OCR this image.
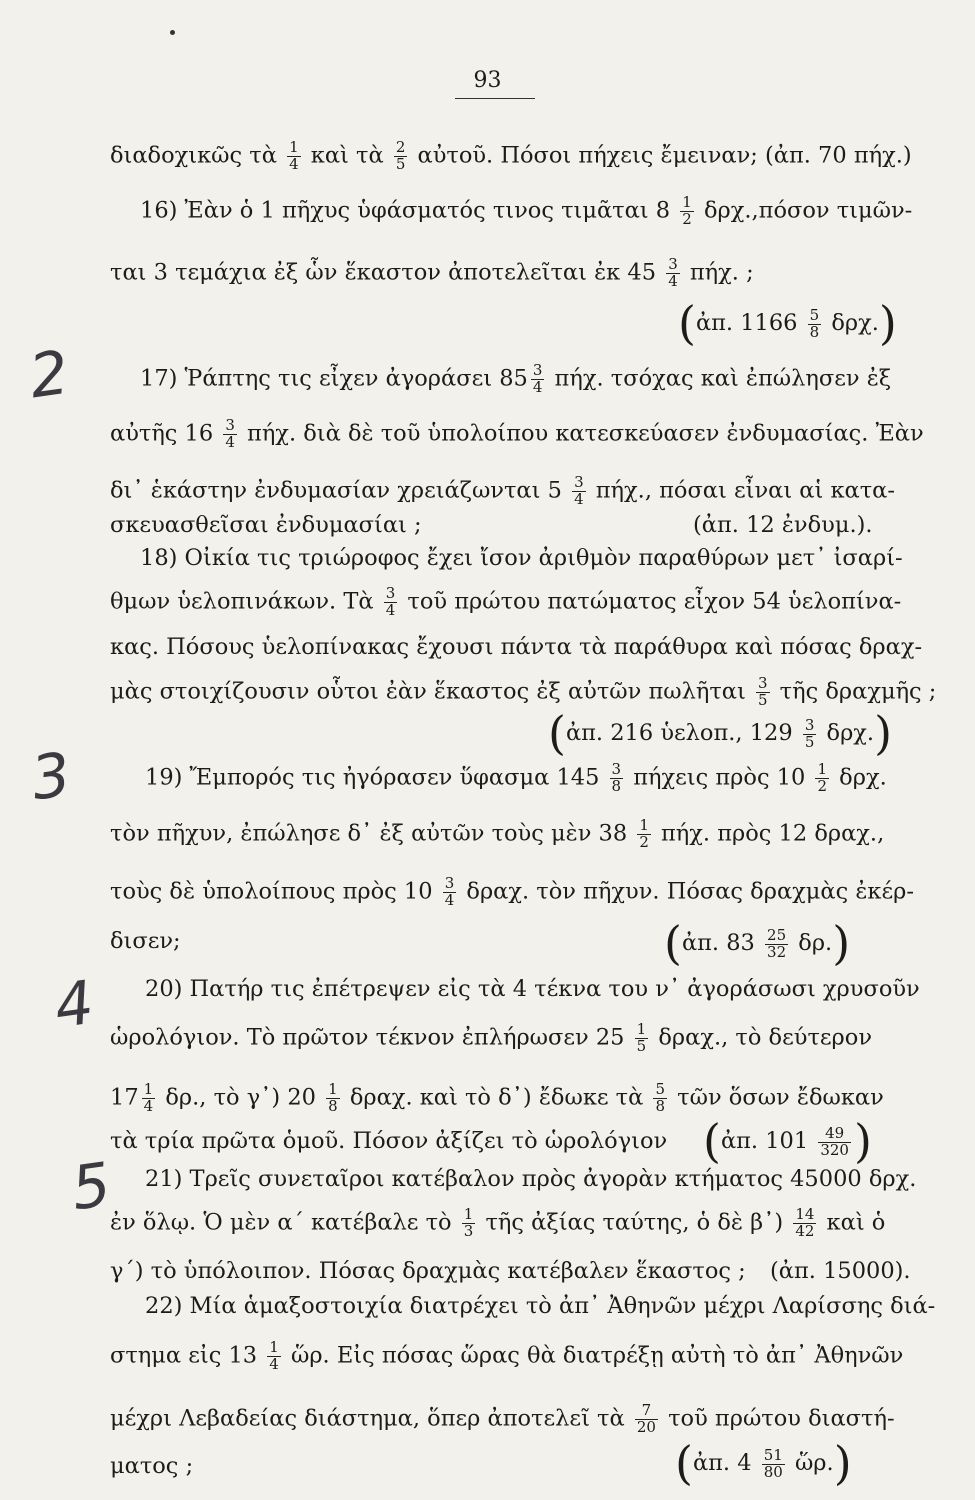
93
2
3
4
5
διαδοχικῶς τὰ $\frac{1}{4}$ καὶ τὰ $\frac{2}{5}$ αὐτοῦ. Πόσοι πήχεις ἔμειναν; (ἀπ. 70 πήχ.)
16) Ἐὰν ὁ 1 πῆχυς ὑφάσματός τινος τιμᾶται $8 \frac{1}{2} \delta\rho\chi.,\pi ό\sigma o\nu$ τιμῶν-
ται 3 τεμάχια ἐξ ὧν ἕκαστον ἀποτελεῖται ἐκ $45 \frac{3}{4} \pi ή\chi$. ;
17) Ῥάπτης τις εἶχεν ἀγοράσει $85 \frac{3}{4} \pi ή\chi$. τσόχας καὶ ἐπώλησεν ἐξ
αὐτῆς $16 \frac{3}{4} \pi ή\chi$. διὰ δὲ τοῦ ὑπολοίπου κατεσκεύασεν ἐνδυμασίας. Ἐὰν
δι᾽ ἑκάστην ἐνδυμασίαν χρειάζωνται $5 \frac{3}{4} \pi ή\chi$., πόσαι εἶναι αἱ κατα-
σκευασθεῖσαι ἐνδυμασίαι ;
18) Οἰκία τις τριώροφος ἔχει ἴσον ἀριθμὸν παραθύρων μετ᾽ ἰσαρί-
θμων ὑελοπινάκων. Τὰ $\frac{3}{4}$ τοῦ πρώτου πατώματος εἶχον 54 ὑελοπίνα-
κας. Πόσους ὑελοπίνακας ἔχουσι πάντα τὰ παράθυρα καὶ πόσας δραχ-
μὰς στοιχίζουσιν οὗτοι ἐὰν ἕκαστος ἐξ αὐτῶν πωλῆται $\frac{3}{5}$ τῆς δραχμῆς ;
19) Ἔμπορός τις ἠγόρασεν ὕφασμα $145 \frac{3}{8}$ πήχεις πρὸς $10 \frac{1}{2} \delta\rho\chi$.
τὸν πῆχυν, ἐπώλησε δ᾽ ἐξ αὐτῶν τοὺς μὲν $38 \frac{1}{2} \pi ή\chi$. πρὸς 12 δραχ.,
τοὺς δὲ ὑπολοίπους πρὸς $10 \frac{3}{4} \delta\rho\alpha\chi$. τὸν πῆχυν. Πόσας δραχμὰς ἐκέρ-
δισεν;
20) Πατήρ τις ἐπέτρεψεν εἰς τὰ 4 τέκνα του ν᾽ ἀγοράσωσι χρυσοῦν
ὡρολόγιον. Τὸ πρῶτον τέκνον ἐπλήρωσεν $25 \frac{1}{5} \delta\rho\alpha\chi$., τὸ δεύτερον
$17 \frac{1}{4} \delta\rho$., τὸ γ᾽) $20 \frac{1}{8} \delta\rho\alpha\chi$. καὶ τὸ δ᾽) ἔδωκε τὰ $\frac{5}{8}$ τῶν ὅσων ἔδωκαν
τὰ τρία πρῶτα ὁμοῦ. Πόσον ἀξίζει τὸ ὡρολόγιον
21) Τρεῖς συνεταῖροι κατέβαλον πρὸς ἀγορὰν κτήματος 45000 δρχ.
ἐν ὅλῳ. Ὁ μὲν α´ κατέβαλε τὸ $\frac{1}{3}$ τῆς ἀξίας ταύτης, ὁ δὲ β᾽) $\frac{14}{42}$ καὶ ὁ
γ´) τὸ ὑπόλοιπον. Πόσας δραχμὰς κατέβαλεν ἕκαστος ;
22) Μία ἁμαξοστοιχία διατρέχει τὸ ἀπ᾽ Ἀθηνῶν μέχρι Λαρίσσης διά-
στημα εἰς $13 \frac{1}{4}$ ὥρ. Εἰς πόσας ὥρας θὰ διατρέξῃ αὐτὴ τὸ ἀπ᾽ Ἀθηνῶν
μέχρι Λεβαδείας διάστημα, ὅπερ ἀποτελεῖ τὰ $\frac{7}{20}$ τοῦ πρώτου διαστή-
ματος ;
(ἀπ. $1166 \frac{5}{8} \delta\rho\chi$.)
(ἀπ. 12 ἐνδυμ.).
(ἀπ. 216 ὑελοπ., $129 \frac{3}{5} \delta\rho\chi$.)
(ἀπ. $83 \frac{25}{32} \delta\rho$.)
(ἀπ. $101 \frac{49}{320}$ )
(ἀπ. 15000).
(ἀπ. $4 \frac{51}{80}$ ὥρ.)
